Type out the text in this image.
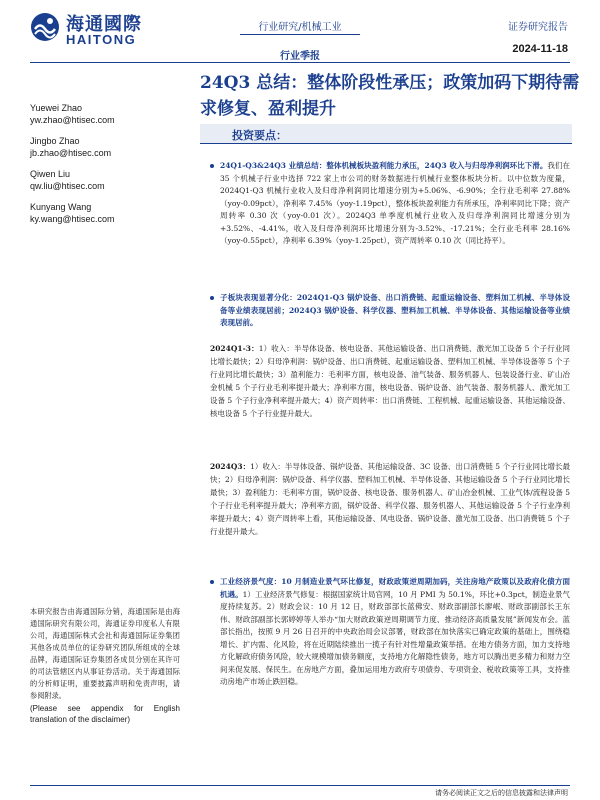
海通國際
HAITONG
行业研究/机械工业
行业季报
证券研究报告
2024-11-18
24Q3 总结：整体阶段性承压；政策加码下期待需求修复、盈利提升
Yuewei Zhao
yw.zhao@htisec.com
Jingbo Zhao
jb.zhao@htisec.com
Qiwen Liu
qw.liu@htisec.com
Kunyang Wang
ky.wang@htisec.com
投资要点：

24Q1-Q3&24Q3 业绩总结：整体机械板块盈利能力承压，24Q3 收入与归母净利润环比下滑。我们在 35 个机械子行业中选择 722 家上市公司的财务数据进行机械行业整体板块分析。以中位数为度量，2024Q1-Q3 机械行业收入及归母净利润同比增速分别为+5.06%、-6.90%；全行业毛利率 27.88%（yoy-0.09pct），净利率 7.45%（yoy-1.19pct），整体板块盈利能力有所承压，净利率同比下降；资产周转率 0.30 次（yoy-0.01 次）。2024Q3 单季度机械行业收入及归母净利润同比增速分别为+3.52%、-4.41%，收入及归母净利润环比增速分别为-3.52%、-17.21%；全行业毛利率 28.16%（yoy-0.55pct），净利率 6.39%（yoy-1.25pct），资产周转率 0.10 次（同比持平）。

子板块表现显著分化：2024Q1-Q3 锅炉设备、出口消费链、起重运输设备、塑料加工机械、半导体设备等业绩表现居前；2024Q3 锅炉设备、科学仪器、塑料加工机械、半导体设备、其他运输设备等业绩表现居前。

2024Q1-3：1）收入：半导体设备、核电设备、其他运输设备、出口消费链、激光加工设备 5 个子行业同比增长最快；2）归母净利润：锅炉设备、出口消费链、起重运输设备、塑料加工机械、半导体设备等 5 个子行业同比增长最快；3）盈利能力：毛利率方面，核电设备、油气装备、服务机器人、包装设备行业、矿山冶金机械 5 个子行业毛利率提升最大；净利率方面，核电设备、锅炉设备、油气装备、服务机器人、激光加工设备 5 个子行业净利率提升最大；4）资产周转率：出口消费链、工程机械、起重运输设备、其他运输设备、核电设备 5 个子行业提升最大。

2024Q3：1）收入：半导体设备、锅炉设备、其他运输设备、3C 设备、出口消费链 5 个子行业同比增长最快；2）归母净利润：锅炉设备、科学仪器、塑料加工机械、半导体设备、其他运输设备 5 个子行业同比增长最快；3）盈利能力：毛利率方面，锅炉设备、核电设备、服务机器人、矿山冶金机械、工业气体/流程设备 5 个子行业毛利率提升最大；净利率方面，锅炉设备、科学仪器、服务机器人、其他运输设备 5 个子行业净利率提升最大；4）资产周转率上看，其他运输设备、风电设备、锅炉设备、激光加工设备、出口消费链 5 个子行业提升最大。

工业经济景气度：10 月制造业景气环比修复，财政政策逆周期加码，关注房地产政策以及政府化债方面机遇。1）工业经济景气修复：根据国家统计局官网，10 月 PMI 为 50.1%，环比+0.3pct，制造业景气度持续复苏。2）财政会议：10 月 12 日，财政部部长蓝佛安、财政部副部长廖岷、财政部副部长王东伟、财政部副部长郭婷婷等人举办“加大财政政策逆周期调节力度、推动经济高质量发展”新闻发布会。蓝部长指出，按照 9 月 26 日召开的中央政治局会议部署，财政部在加快落实已确定政策的基础上，围绕稳增长、扩内需、化风险，将在近期陆续推出一揽子有针对性增量政策举措。在地方债务方面，加力支持地方化解政府债务风险，较大规模增加债务额度，支持地方化解隐性债务，地方可以腾出更多精力和财力空间来促发展、保民生。在房地产方面，叠加运用地方政府专项债券、专项资金、税收政策等工具，支持推动房地产市场止跌回稳。

本研究报告由海通国际分销，海通国际是由海通国际研究有限公司，海通证券印度私人有限公司，海通国际株式会社和海通国际证券集团其他各成员单位的证券研究团队所组成的全球品牌，海通国际证券集团各成员分别在其许可的司法管辖区内从事证券活动。关于海通国际的分析师证明，重要披露声明和免责声明，请参阅附录。
(Please see appendix for English translation of the disclaimer)
请务必阅读正文之后的信息披露和法律声明
